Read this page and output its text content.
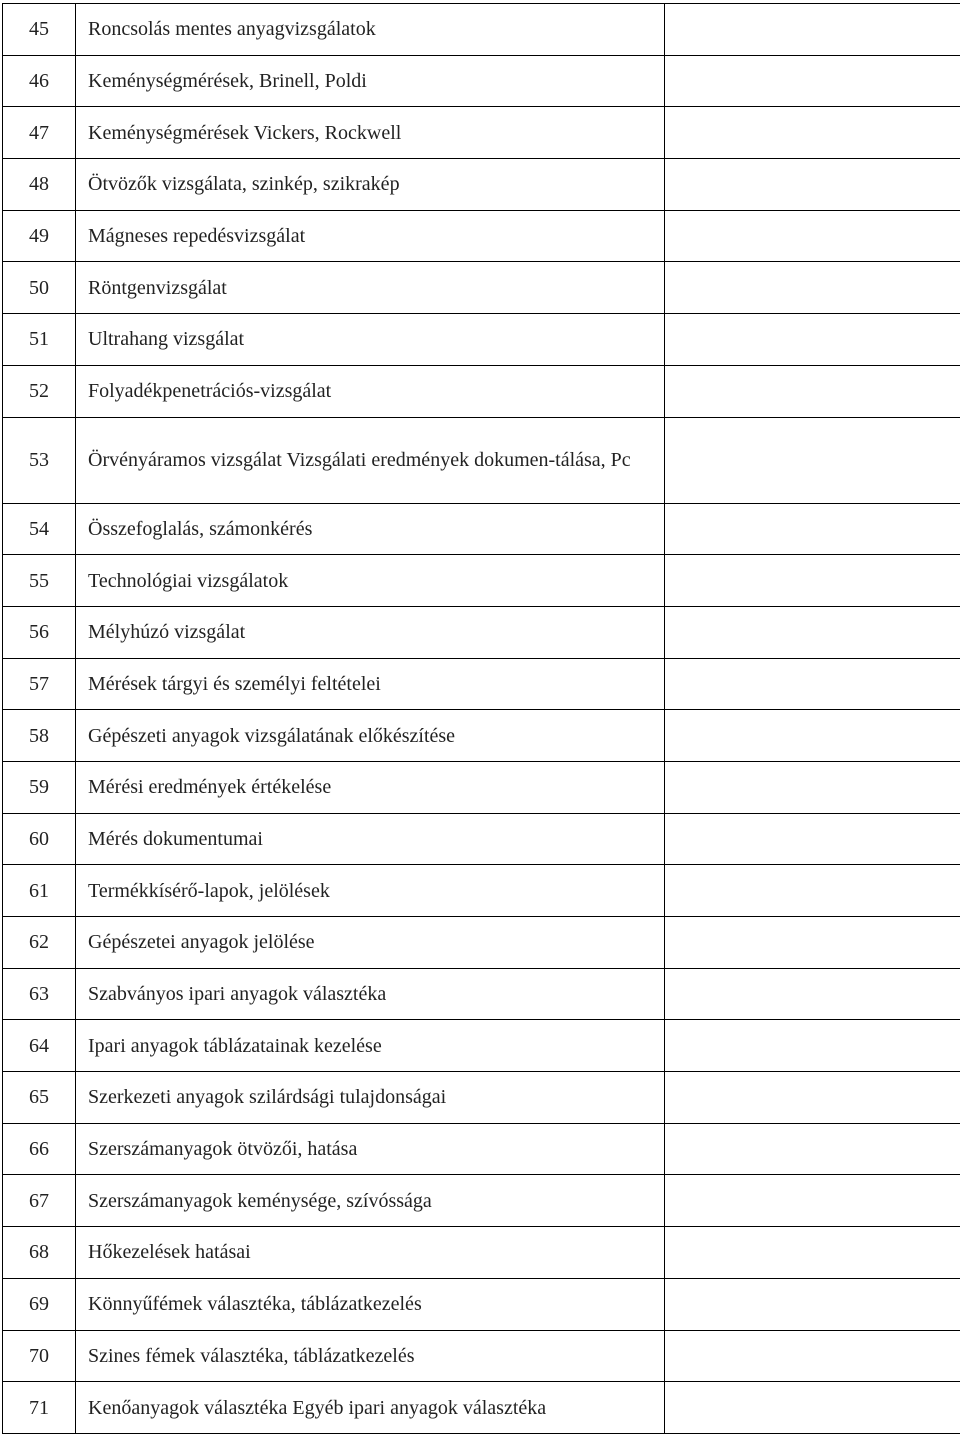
45	Roncsolás mentes anyagvizsgálatok	
46	Keménységmérések, Brinell, Poldi	
47	Keménységmérések Vickers, Rockwell	
48	Ötvözők vizsgálata, szinkép, szikrakép	
49	Mágneses repedésvizsgálat	
50	Röntgenvizsgálat	
51	Ultrahang vizsgálat	
52	Folyadékpenetrációs-vizsgálat	
53	Örvényáramos vizsgálat Vizsgálati eredmények dokumen-tálása, Pc	
54	Összefoglalás, számonkérés	
55	Technológiai vizsgálatok	
56	Mélyhúzó vizsgálat	
57	Mérések tárgyi és személyi feltételei	
58	Gépészeti anyagok vizsgálatának előkészítése	
59	Mérési eredmények értékelése	
60	Mérés dokumentumai	
61	Termékkísérő-lapok, jelölések	
62	Gépészetei anyagok jelölése	
63	Szabványos ipari anyagok választéka	
64	Ipari anyagok táblázatainak kezelése	
65	Szerkezeti anyagok szilárdsági tulajdonságai	
66	Szerszámanyagok ötvözői, hatása	
67	Szerszámanyagok keménysége, szívóssága	
68	Hőkezelések hatásai	
69	Könnyűfémek választéka, táblázatkezelés	
70	Szines fémek választéka, táblázatkezelés	
71	Kenőanyagok választéka Egyéb ipari anyagok választéka	
